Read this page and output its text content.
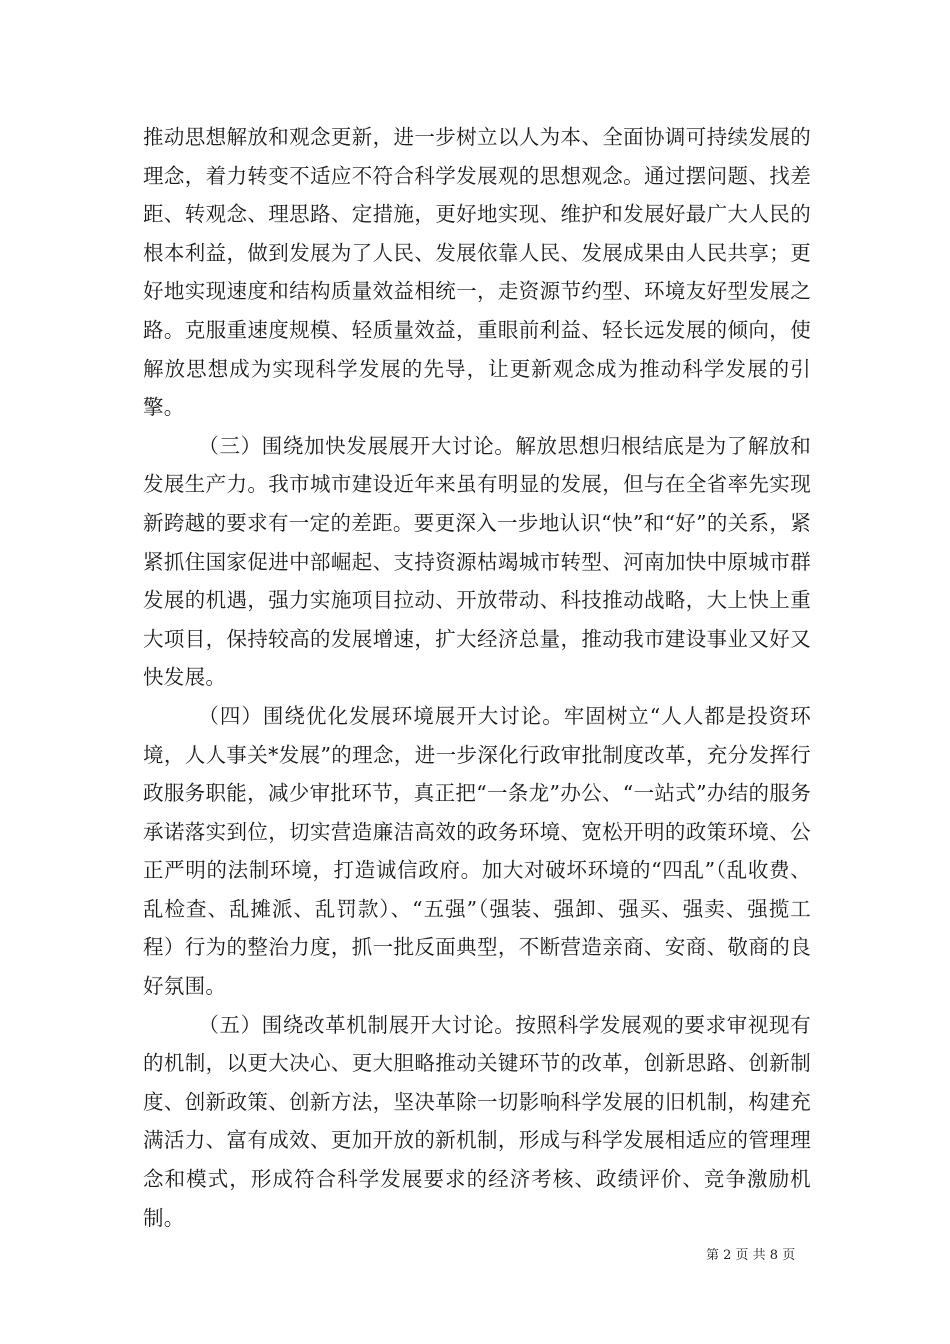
推动思想解放和观念更新，进一步树立以人为本、全面协调可持续发展的理念，着力转变不适应不符合科学发展观的思想观念。通过摆问题、找差距、转观念、理思路、定措施，更好地实现、维护和发展好最广大人民的根本利益，做到发展为了人民、发展依靠人民、发展成果由人民共享；更好地实现速度和结构质量效益相统一，走资源节约型、环境友好型发展之路。克服重速度规模、轻质量效益，重眼前利益、轻长远发展的倾向，使解放思想成为实现科学发展的先导，让更新观念成为推动科学发展的引擎。

（三）围绕加快发展展开大讨论。解放思想归根结底是为了解放和发展生产力。我市城市建设近年来虽有明显的发展，但与在全省率先实现新跨越的要求有一定的差距。要更深入一步地认识“快”和“好”的关系，紧紧抓住国家促进中部崛起、支持资源枯竭城市转型、河南加快中原城市群发展的机遇，强力实施项目拉动、开放带动、科技推动战略，大上快上重大项目，保持较高的发展增速，扩大经济总量，推动我市建设事业又好又快发展。

（四）围绕优化发展环境展开大讨论。牢固树立“人人都是投资环境，人人事关*发展”的理念，进一步深化行政审批制度改革，充分发挥行政服务职能，减少审批环节，真正把“一条龙”办公、“一站式”办结的服务承诺落实到位，切实营造廉洁高效的政务环境、宽松开明的政策环境、公正严明的法制环境，打造诚信政府。加大对破坏环境的“四乱”（乱收费、乱检查、乱摊派、乱罚款）、“五强”（强装、强卸、强买、强卖、强揽工程）行为的整治力度，抓一批反面典型，不断营造亲商、安商、敬商的良好氛围。

（五）围绕改革机制展开大讨论。按照科学发展观的要求审视现有的机制，以更大决心、更大胆略推动关键环节的改革，创新思路、创新制度、创新政策、创新方法，坚决革除一切影响科学发展的旧机制，构建充满活力、富有成效、更加开放的新机制，形成与科学发展相适应的管理理念和模式，形成符合科学发展要求的经济考核、政绩评价、竞争激励机制。

第 2 页 共 8 页
